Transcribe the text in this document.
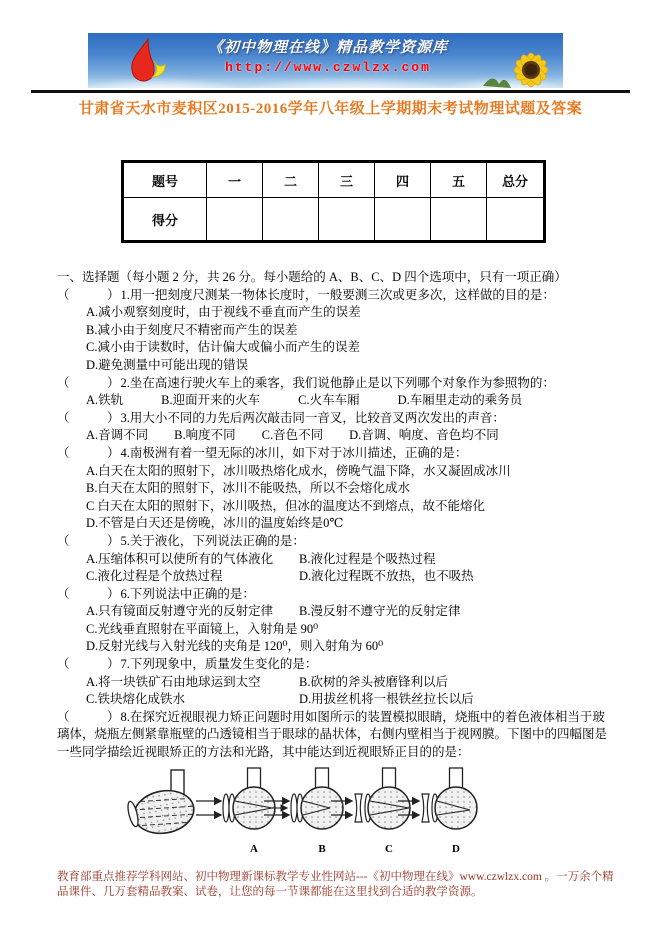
《初中物理在线》精品教学资源库
http://www.czwlzx.com
甘肃省天水市麦积区2015-2016学年八年级上学期期末考试物理试题及答案
题号	一	二	三	四	五	总分
得分						

一、选择题（每小题 2 分，共 26 分。每小题给的 A、B、C、D 四个选项中，只有一项正确）

（　　　）1.用一把刻度尺测某一物体长度时，一般要测三次或更多次，这样做的目的是：

A.减小观察刻度时，由于视线不垂直而产生的误差

B.减小由于刻度尺不精密而产生的误差

C.减小由于读数时，估计偏大或偏小而产生的误差

D.避免测量中可能出现的错误

（　　　）2.坐在高速行驶火车上的乘客，我们说他静止是以下列哪个对象作为参照物的：

A.铁轨	B.迎面开来的火车	C.火车车厢	D.车厢里走动的乘务员

（　　　）3.用大小不同的力先后两次敲击同一音叉，比较音叉两次发出的声音：

A.音调不同 B.响度不同 C.音色不同 D.音调、响度、音色均不同

（　　　）4.南极洲有着一望无际的冰川，如下对于冰川描述，正确的是：

A.白天在太阳的照射下，冰川吸热熔化成水，傍晚气温下降，水又凝固成冰川

B.白天在太阳的照射下，冰川不能吸热，所以不会熔化成水

C 白天在太阳的照射下，冰川吸热，但冰的温度达不到熔点，故不能熔化

D.不管是白天还是傍晚，冰川的温度始终是0℃

（　　　）5.关于液化，下列说法正确的是：

A.压缩体积可以使所有的气体液化	B.液化过程是个吸热过程

C.液化过程是个放热过程	D.液化过程既不放热，也不吸热

（　　　）6.下列说法中正确的是：

A.只有镜面反射遵守光的反射定律	B.漫反射不遵守光的反射定律

C.光线垂直照射在平面镜上，入射角是 90⁰

D.反射光线与入射光线的夹角是 120⁰，则入射角为 60⁰

（　　　）7.下列现象中，质量发生变化的是：

A.将一块铁矿石由地球运到太空	B.砍树的斧头被磨锋利以后

C.铁块熔化成铁水	D.用拔丝机将一根铁丝拉长以后

（　　　）8.在探究近视眼视力矫正问题时用如图所示的装置模拟眼睛，烧瓶中的着色液体相当于玻璃体，烧瓶左侧紧靠瓶壁的凸透镜相当于眼球的晶状体，右侧内壁相当于视网膜。下图中的四幅图是一些同学描绘近视眼矫正的方法和光路，其中能达到近视眼矫正目的的是：

A	B	C	D
教育部重点推荐学科网站、初中物理新课标教学专业性网站---《初中物理在线》www.czwlzx.com 。一万余个精品课件、几万套精品教案、试卷，让您的每一节课都能在这里找到合适的教学资源。
